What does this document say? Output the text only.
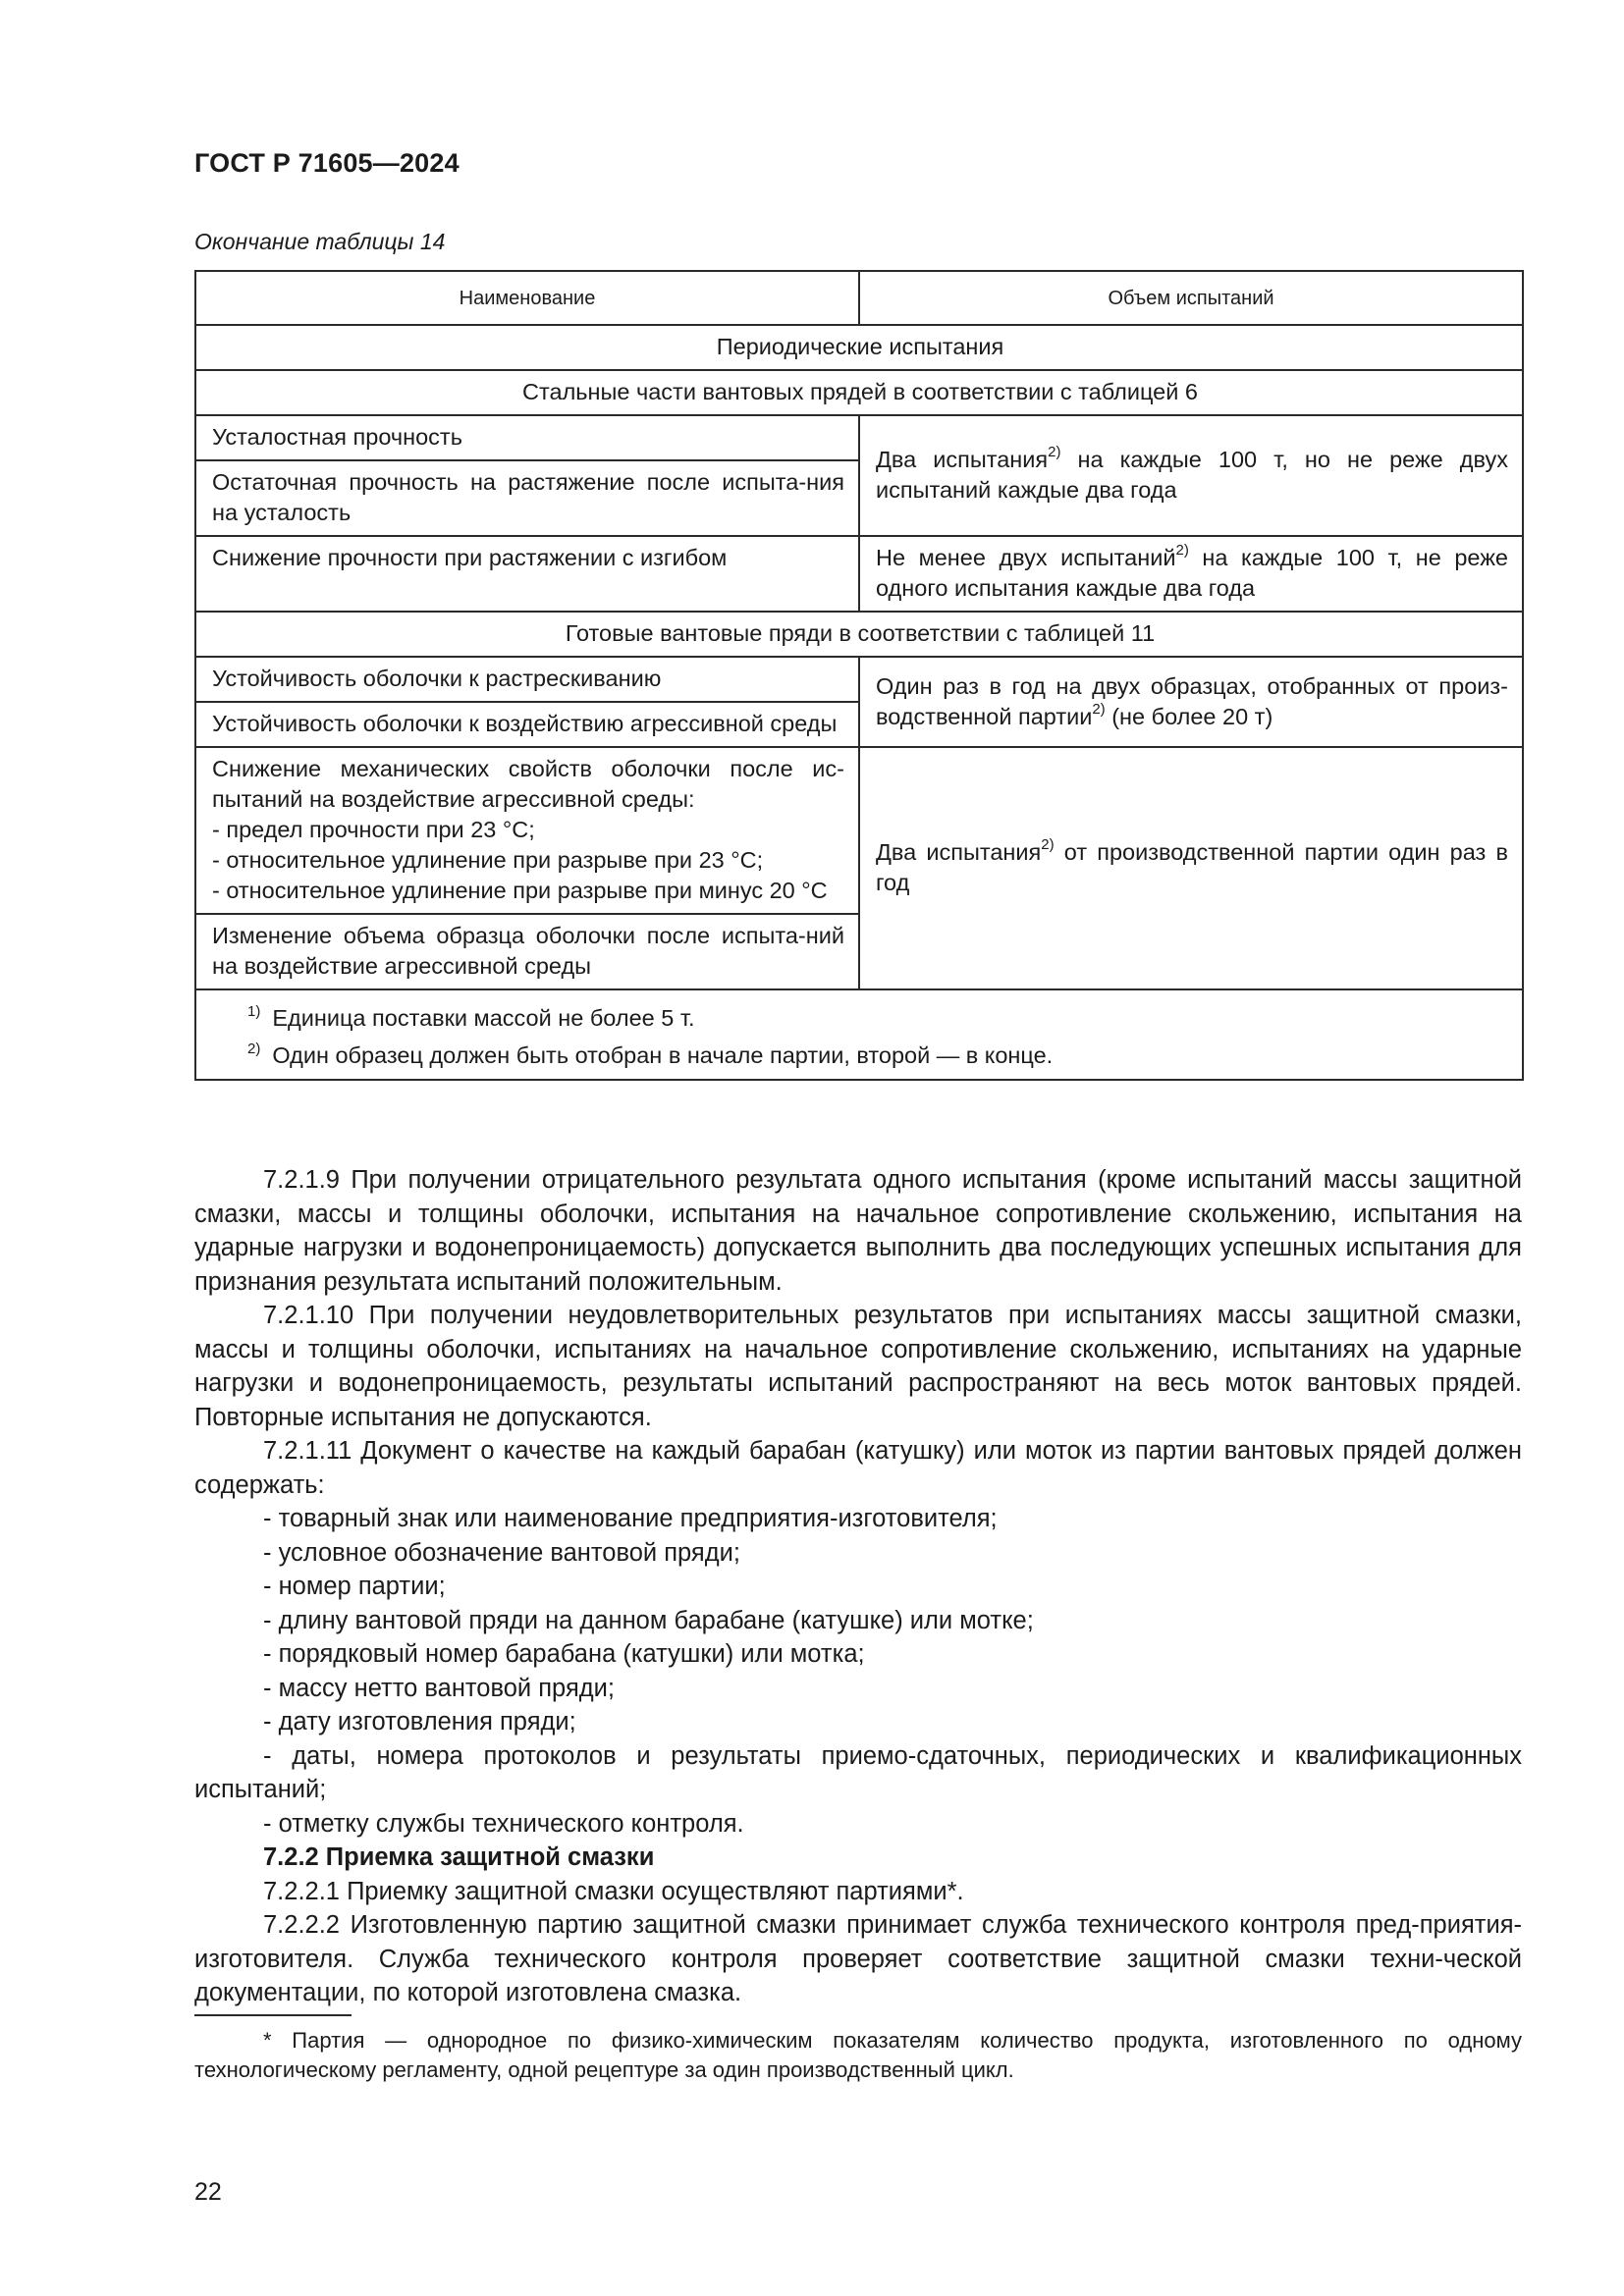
ГОСТ Р 71605—2024
Окончание таблицы 14
Наименование	Объем испытаний
Периодические испытания	
Стальные части вантовых прядей в соответствии с таблицей 6	
Усталостная прочность	Два испытания$^{2)}$ на каждые 100 т, но не реже двух испытаний каждые два года
Остаточная прочность на растяжение после испыта-ния на усталость	
Снижение прочности при растяжении с изгибом	Не менее двух испытаний$^{2)}$ на каждые 100 т, не реже одного испытания каждые два года
Готовые вантовые пряди в соответствии с таблицей 11	
Устойчивость оболочки к растрескиванию	Один раз в год на двух образцах, отобранных от произ-водственной партии$^{2)}$ (не более 20 т)
Устойчивость оболочки к воздействию агрессивной среды	

Снижение механических свойств оболочки после ис-пытаний на воздействие агрессивной среды:
- предел прочности при 23 °С;
- относительное удлинение при разрыве при 23 °С;
- относительное удлинение при разрыве при минус 20 °С	Два испытания$^{2)}$ от производственной партии один раз в год
Изменение объема образца оболочки после испыта-ний на воздействие агрессивной среды	

$^{1)}$ Единица поставки массой не более 5 т.
$^{2)}$ Один образец должен быть отобран в начале партии, второй — в конце.	

7.2.1.9 При получении отрицательного результата одного испытания (кроме испытаний массы защитной смазки, массы и толщины оболочки, испытания на начальное сопротивление скольжению, испытания на ударные нагрузки и водонепроницаемость) допускается выполнить два последующих успешных испытания для признания результата испытаний положительным.

7.2.1.10 При получении неудовлетворительных результатов при испытаниях массы защитной смазки, массы и толщины оболочки, испытаниях на начальное сопротивление скольжению, испытаниях на ударные нагрузки и водонепроницаемость, результаты испытаний распространяют на весь моток вантовых прядей. Повторные испытания не допускаются.

7.2.1.11 Документ о качестве на каждый барабан (катушку) или моток из партии вантовых прядей должен содержать:

- товарный знак или наименование предприятия-изготовителя;

- условное обозначение вантовой пряди;

- номер партии;

- длину вантовой пряди на данном барабане (катушке) или мотке;

- порядковый номер барабана (катушки) или мотка;

- массу нетто вантовой пряди;

- дату изготовления пряди;

- даты, номера протоколов и результаты приемо-сдаточных, периодических и квалификационных испытаний;

- отметку службы технического контроля.

7.2.2 Приемка защитной смазки

7.2.2.1 Приемку защитной смазки осуществляют партиями*.

7.2.2.2 Изготовленную партию защитной смазки принимает служба технического контроля пред-приятия-изготовителя. Служба технического контроля проверяет соответствие защитной смазки техни-ческой документации, по которой изготовлена смазка.

* Партия — однородное по физико-химическим показателям количество продукта, изготовленного по одному технологическому регламенту, одной рецептуре за один производственный цикл.

22
